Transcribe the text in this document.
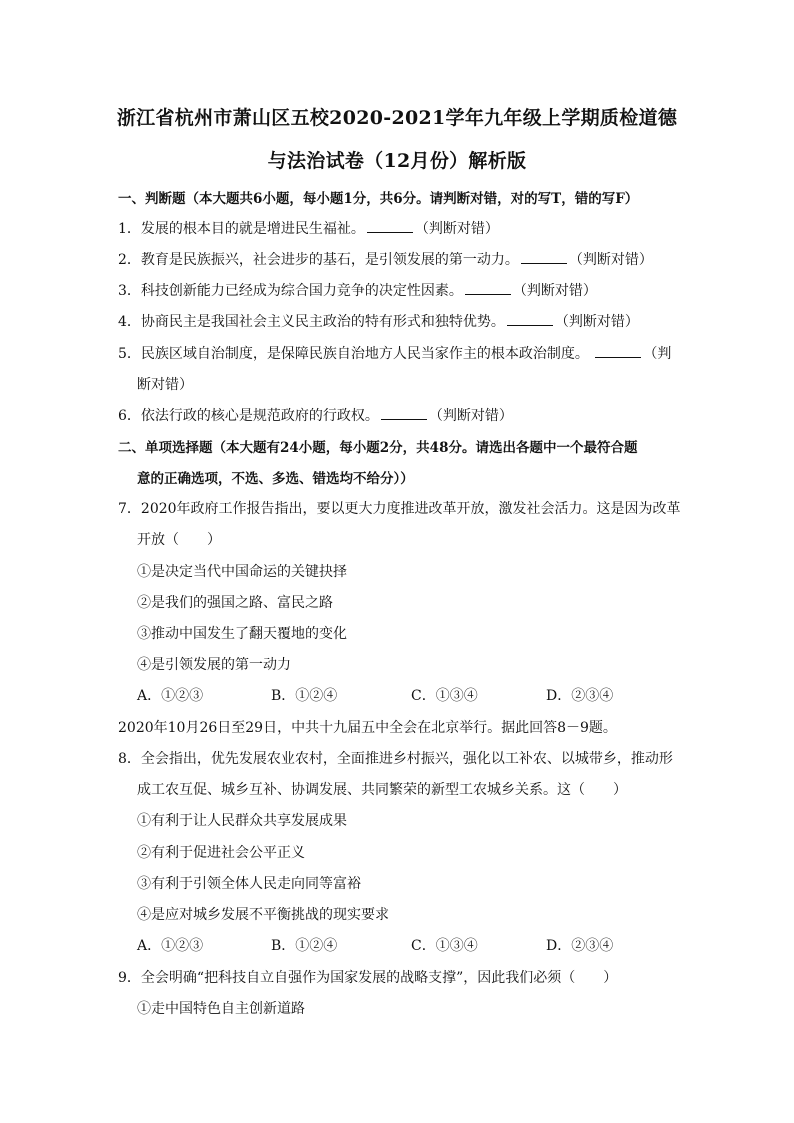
浙江省杭州市萧山区五校2020-2021学年九年级上学期质检道德
与法治试卷（12月份）解析版
一、判断题（本大题共6小题，每小题1分，共6分。请判断对错，对的写T，错的写F）
1．发展的根本目的就是增进民生福祉。	（判断对错）
2．教育是民族振兴，社会进步的基石，是引领发展的第一动力。	（判断对错）
3．科技创新能力已经成为综合国力竞争的决定性因素。	（判断对错）
4．协商民主是我国社会主义民主政治的特有形式和独特优势。	（判断对错）
5．民族区域自治制度，是保障民族自治地方人民当家作主的根本政治制度。	（判
断对错）
6．依法行政的核心是规范政府的行政权。	（判断对错）
二、单项选择题（本大题有24小题，每小题2分，共48分。请选出各题中一个最符合题
意的正确选项，不选、多选、错选均不给分））
7．2020年政府工作报告指出，要以更大力度推进改革开放，激发社会活力。这是因为改革
开放（　　）
①是决定当代中国命运的关键抉择
②是我们的强国之路、富民之路
③推动中国发生了翻天覆地的变化
④是引领发展的第一动力
A．①②③	B．①②④	C．①③④	D．②③④
2020年10月26日至29日，中共十九届五中全会在北京举行。据此回答8－9题。
8．全会指出，优先发展农业农村，全面推进乡村振兴，强化以工补农、以城带乡，推动形
成工农互促、城乡互补、协调发展、共同繁荣的新型工农城乡关系。这（　　）
①有利于让人民群众共享发展成果
②有利于促进社会公平正义
③有利于引领全体人民走向同等富裕
④是应对城乡发展不平衡挑战的现实要求
A．①②③	B．①②④	C．①③④	D．②③④
9．全会明确“把科技自立自强作为国家发展的战略支撑”，因此我们必须（　　）
①走中国特色自主创新道路
